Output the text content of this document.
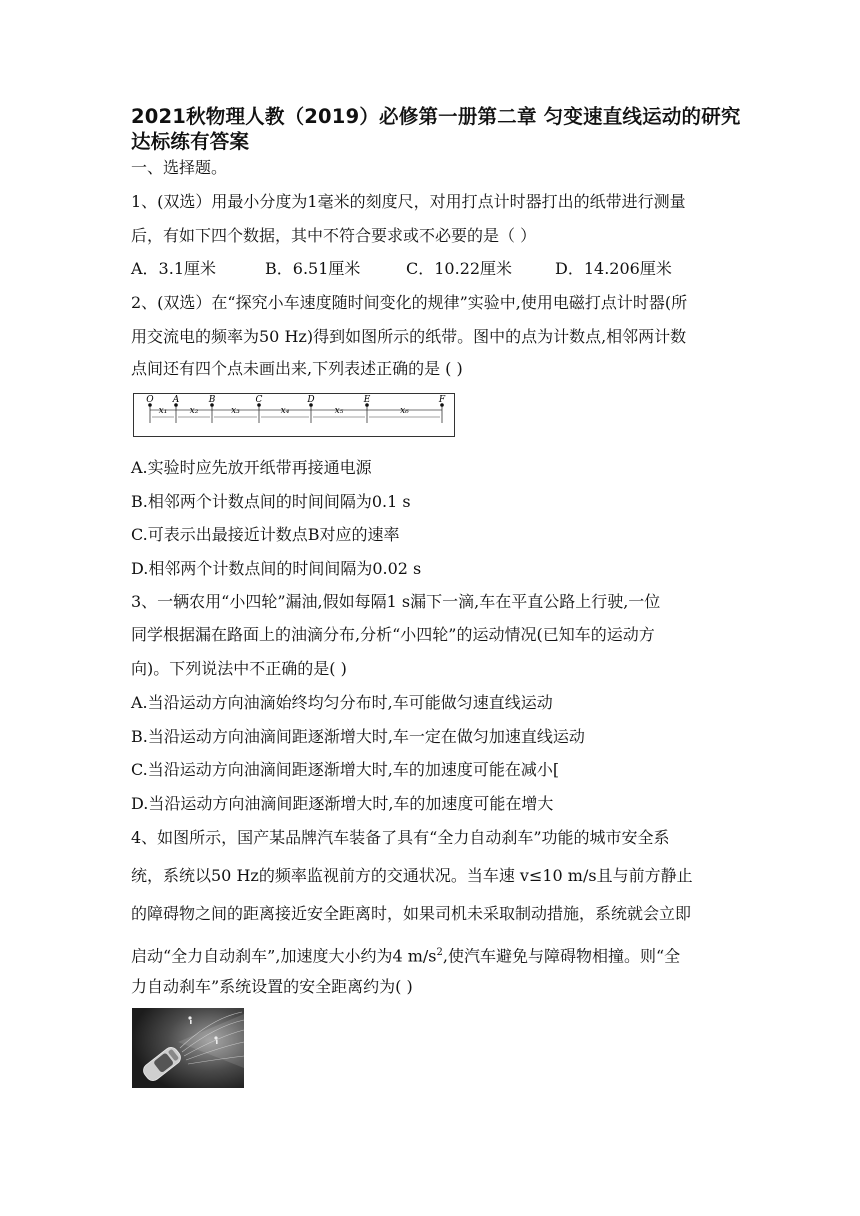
2021秋物理人教（2019）必修第一册第二章 匀变速直线运动的研究达标练有答案
一、选择题。
1、(双选）用最小分度为1毫米的刻度尺，对用打点计时器打出的纸带进行测量
后，有如下四个数据，其中不符合要求或不必要的是（ ）
A．3.1厘米	B．6.51厘米	C．10.22厘米	D．14.206厘米
2、(双选）在“探究小车速度随时间变化的规律”实验中,使用电磁打点计时器(所
用交流电的频率为50 Hz)得到如图所示的纸带。图中的点为计数点,相邻两计数
点间还有四个点未画出来,下列表述正确的是 ( )
O A	B	C	D	E	F
x₁ x₂	x₃	x₄	x₅	x₆
A.实验时应先放开纸带再接通电源
B.相邻两个计数点间的时间间隔为0.1 s
C.可表示出最接近计数点B对应的速率
D.相邻两个计数点间的时间间隔为0.02 s
3、一辆农用“小四轮”漏油,假如每隔1 s漏下一滴,车在平直公路上行驶,一位
同学根据漏在路面上的油滴分布,分析“小四轮”的运动情况(已知车的运动方
向)。下列说法中不正确的是( )
A.当沿运动方向油滴始终均匀分布时,车可能做匀速直线运动
B.当沿运动方向油滴间距逐渐增大时,车一定在做匀加速直线运动
C.当沿运动方向油滴间距逐渐增大时,车的加速度可能在减小[
D.当沿运动方向油滴间距逐渐增大时,车的加速度可能在增大
4、如图所示，国产某品牌汽车装备了具有“全力自动刹车”功能的城市安全系
统，系统以50 Hz的频率监视前方的交通状况。当车速 v≤10 m/s且与前方静止
的障碍物之间的距离接近安全距离时，如果司机未采取制动措施，系统就会立即
启动“全力自动刹车”,加速度大小约为4 $m/s^2$,使汽车避免与障碍物相撞。则“全
力自动刹车”系统设置的安全距离约为( )
